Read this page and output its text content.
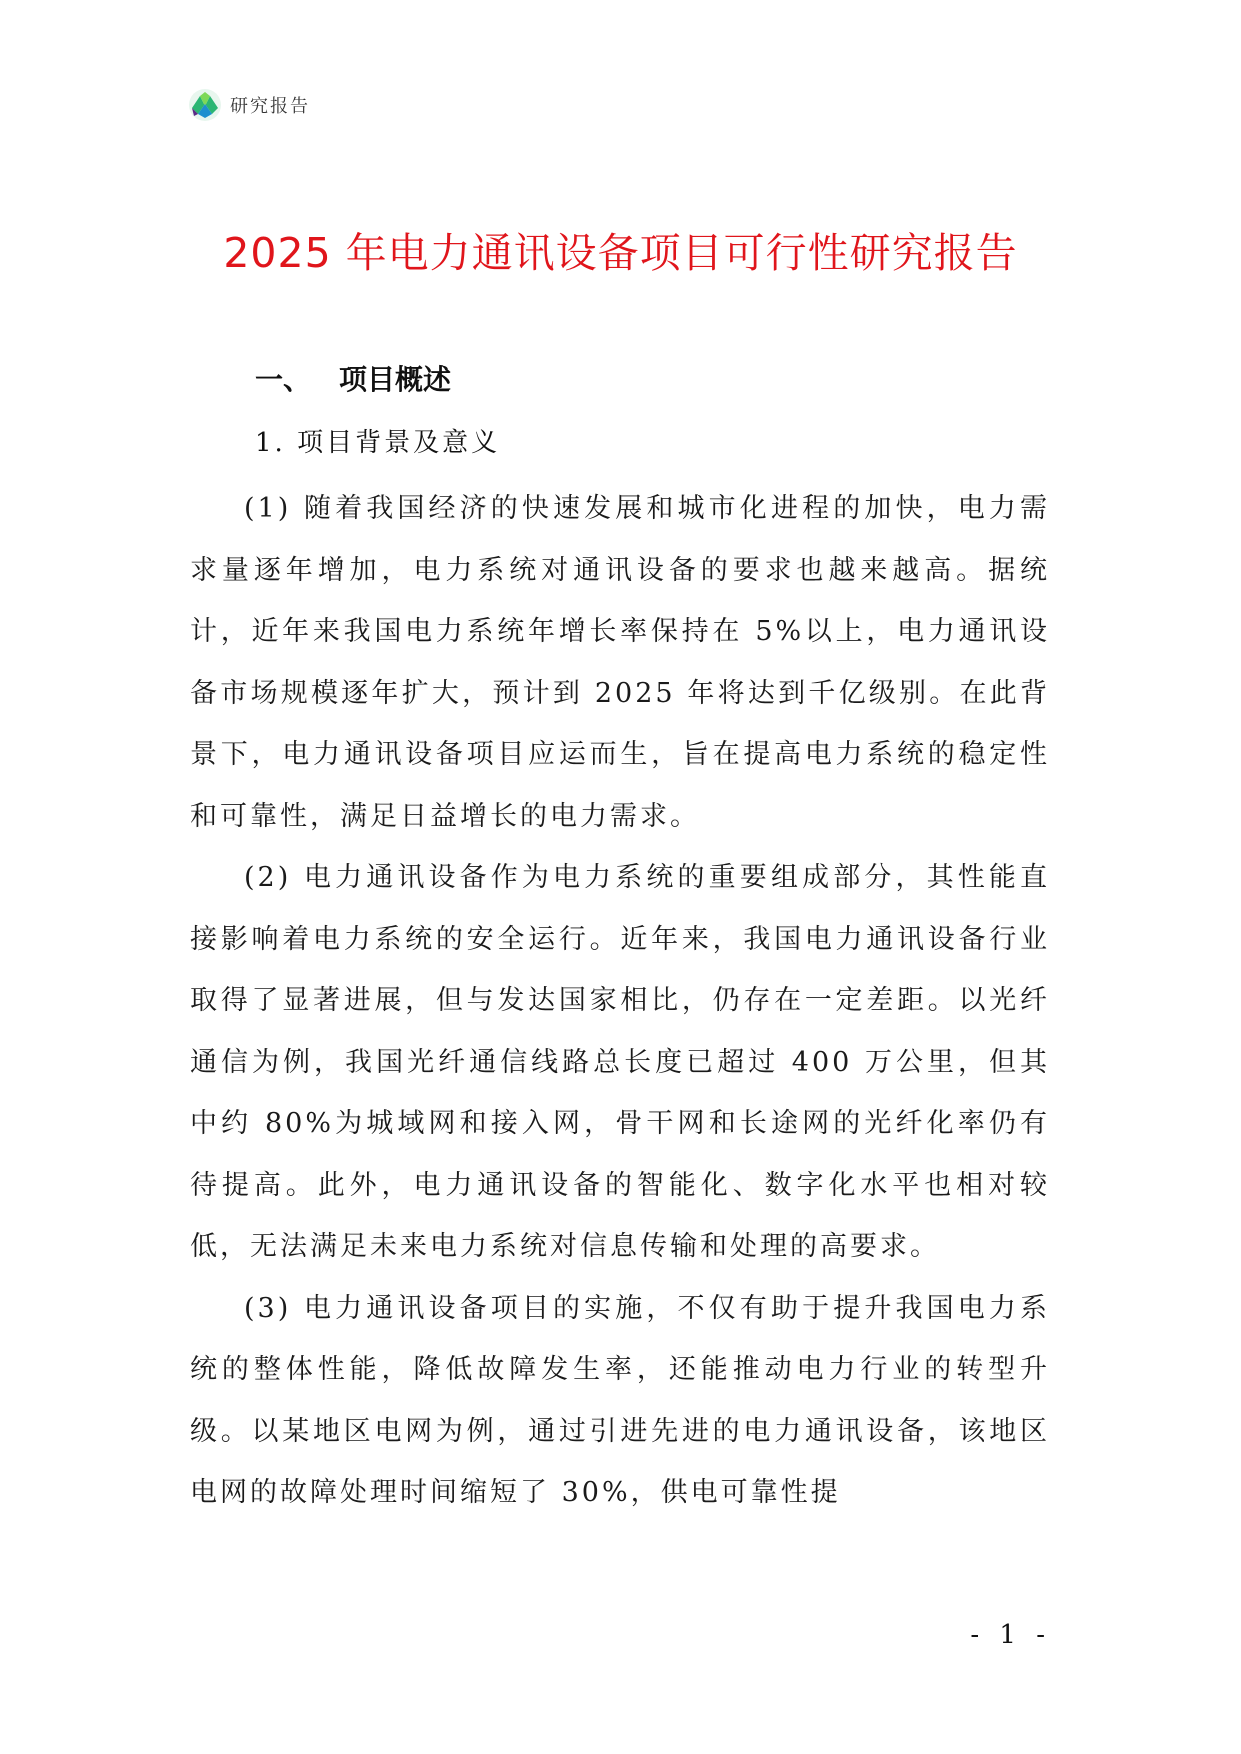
研究报告
2025 年电力通讯设备项目可行性研究报告
一、 项目概述
1. 项目背景及意义

(1) 随着我国经济的快速发展和城市化进程的加快，电力需求量逐年增加，电力系统对通讯设备的要求也越来越高。据统计，近年来我国电力系统年增长率保持在 5%以上，电力通讯设备市场规模逐年扩大，预计到 2025 年将达到千亿级别。在此背景下，电力通讯设备项目应运而生，旨在提高电力系统的稳定性和可靠性，满足日益增长的电力需求。

(2) 电力通讯设备作为电力系统的重要组成部分，其性能直接影响着电力系统的安全运行。近年来，我国电力通讯设备行业取得了显著进展，但与发达国家相比，仍存在一定差距。以光纤通信为例，我国光纤通信线路总长度已超过 400 万公里，但其中约 80%为城域网和接入网，骨干网和长途网的光纤化率仍有待提高。此外，电力通讯设备的智能化、数字化水平也相对较低，无法满足未来电力系统对信息传输和处理的高要求。

(3) 电力通讯设备项目的实施，不仅有助于提升我国电力系统的整体性能，降低故障发生率，还能推动电力行业的转型升级。以某地区电网为例，通过引进先进的电力通讯设备，该地区电网的故障处理时间缩短了 30%，供电可靠性提

- 1 -
